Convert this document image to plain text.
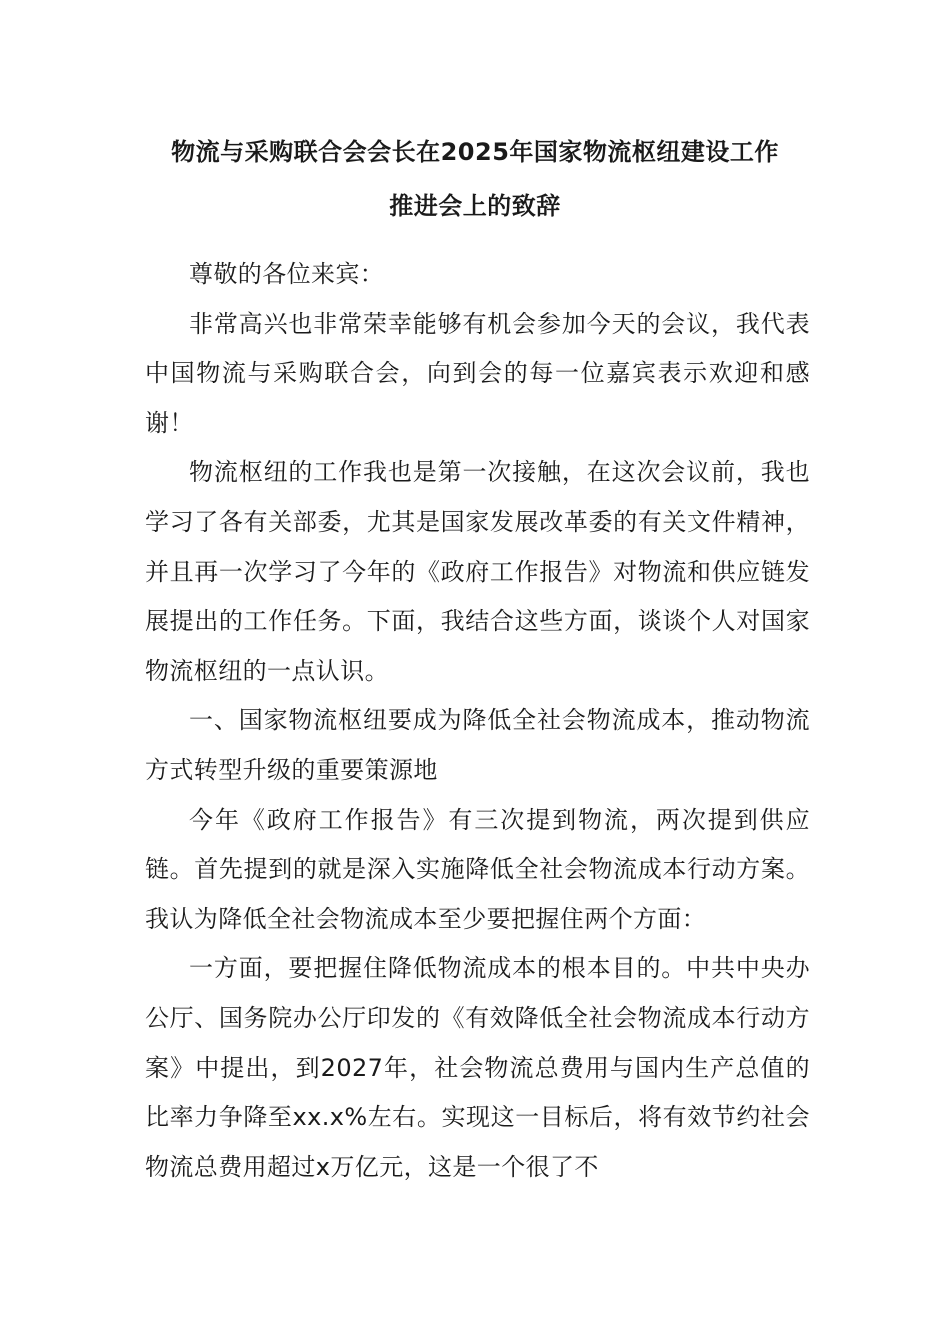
物流与采购联合会会长在2025年国家物流枢纽建设工作

推进会上的致辞

尊敬的各位来宾：

非常高兴也非常荣幸能够有机会参加今天的会议，我代表中国物流与采购联合会，向到会的每一位嘉宾表示欢迎和感谢！

物流枢纽的工作我也是第一次接触，在这次会议前，我也学习了各有关部委，尤其是国家发展改革委的有关文件精神，并且再一次学习了今年的《政府工作报告》对物流和供应链发展提出的工作任务。下面，我结合这些方面，谈谈个人对国家物流枢纽的一点认识。

一、国家物流枢纽要成为降低全社会物流成本，推动物流方式转型升级的重要策源地

今年《政府工作报告》有三次提到物流，两次提到供应链。首先提到的就是深入实施降低全社会物流成本行动方案。我认为降低全社会物流成本至少要把握住两个方面：

一方面，要把握住降低物流成本的根本目的。中共中央办公厅、国务院办公厅印发的《有效降低全社会物流成本行动方案》中提出，到2027年，社会物流总费用与国内生产总值的比率力争降至xx.x%左右。实现这一目标后，将有效节约社会物流总费用超过x万亿元，这是一个很了不
